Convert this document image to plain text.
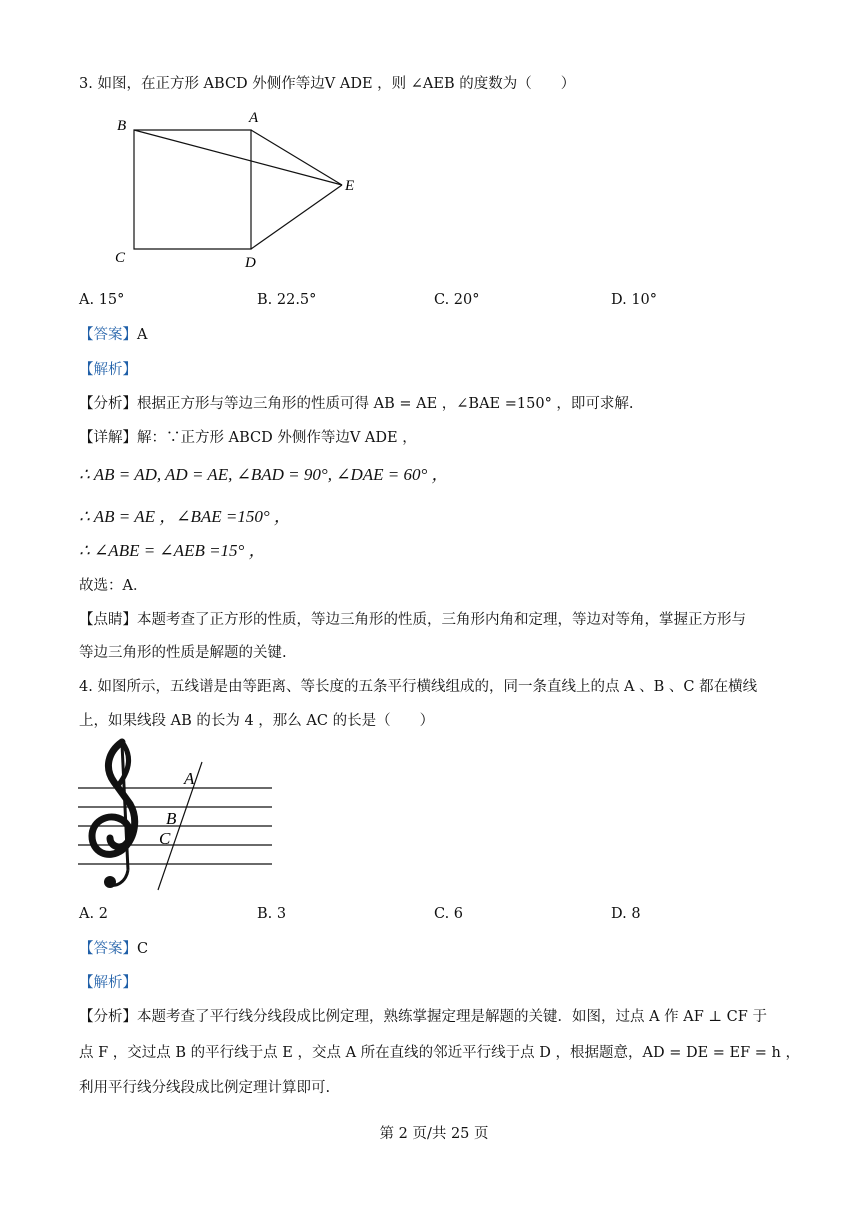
3. 如图，在正方形 ABCD 外侧作等边V ADE ，则 ∠AEB 的度数为（　　）
B	A
E
C	D
A. 15°	B. 22.5°	C. 20°	D. 10°
【答案】A
【解析】
【分析】根据正方形与等边三角形的性质可得 AB = AE ，∠BAE =150° ，即可求解.
【详解】解：∵正方形 ABCD 外侧作等边V ADE ，
∴ AB = AD, AD = AE, ∠BAD = 90°, ∠DAE = 60° ，
∴ AB = AE ，∠BAE =150° ，
∴ ∠ABE = ∠AEB =15° ，
故选：A．
【点睛】本题考查了正方形的性质，等边三角形的性质，三角形内角和定理，等边对等角，掌握正方形与
等边三角形的性质是解题的关键.
4. 如图所示，五线谱是由等距离、等长度的五条平行横线组成的，同一条直线上的点 A 、B 、C 都在横线
上，如果线段 AB 的长为 4 ，那么 AC 的长是（　　）
A
B
C
A. 2	B. 3	C. 6	D. 8
【答案】C
【解析】
【分析】本题考查了平行线分线段成比例定理，熟练掌握定理是解题的关键．如图，过点 A 作 AF ⊥ CF 于
点 F ，交过点 B 的平行线于点 E ，交点 A 所在直线的邻近平行线于点 D ，根据题意，AD = DE = EF = h ，
利用平行线分线段成比例定理计算即可.
第 2 页/共 25 页
